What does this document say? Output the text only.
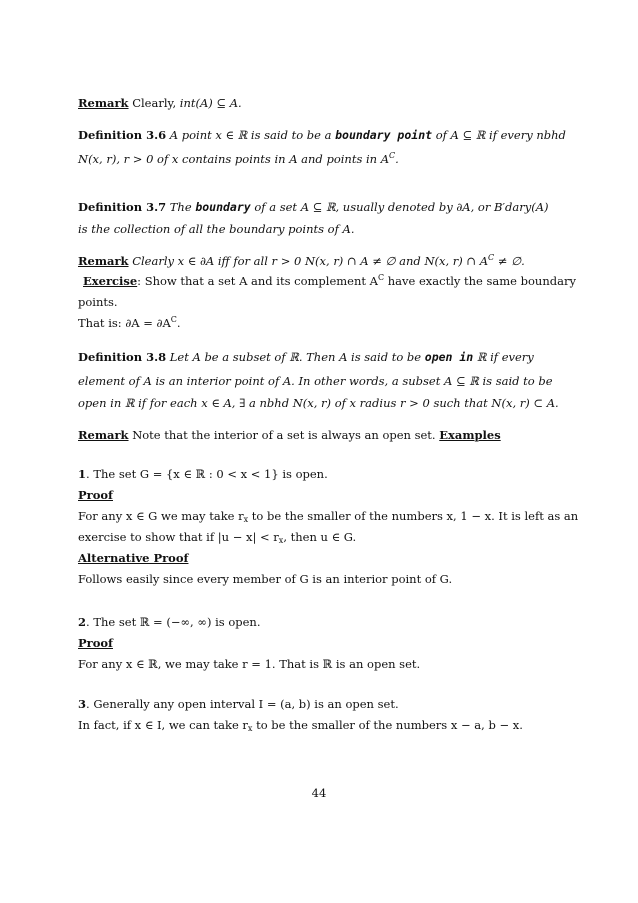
Remark Clearly, int(A) ⊆ A.
Definition 3.6 A point x ∈ ℝ is said to be a boundary point of A ⊆ ℝ if every nbhd
N(x, r), r > 0 of x contains points in A and points in $A^C$.
Definition 3.7 The boundary of a set A ⊆ ℝ, usually denoted by ∂A, or B′dary(A)
is the collection of all the boundary points of A.
Remark Clearly x ∈ ∂A iff for all r > 0 N(x, r) ∩ A ≠ ∅ and N(x, r) ∩ $A^C$ ≠ ∅.
Exercise: Show that a set A and its complement $A^C$ have exactly the same boundary
points.
That is: $\partial A = \partial A^C$.
Definition 3.8 Let A be a subset of ℝ. Then A is said to be open in ℝ if every
element of A is an interior point of A. In other words, a subset A ⊆ ℝ is said to be
open in ℝ if for each x ∈ A, ∃ a nbhd N(x, r) of x radius r > 0 such that N(x, r) ⊂ A.
Remark Note that the interior of a set is always an open set. Examples
1. The set G = {x ∈ ℝ : 0 < x < 1} is open.
Proof
For any x ∈ G we may take $r_x$ to be the smaller of the numbers x, 1 − x. It is left as an
exercise to show that if $|u - x| < r_x$, then u ∈ G.
Alternative Proof
Follows easily since every member of G is an interior point of G.
2. The set ℝ = (−∞, ∞) is open.
Proof
For any x ∈ ℝ, we may take r = 1. That is ℝ is an open set.
3. Generally any open interval I = (a, b) is an open set.
In fact, if x ∈ I, we can take $r_x$ to be the smaller of the numbers x − a, b − x.
44
